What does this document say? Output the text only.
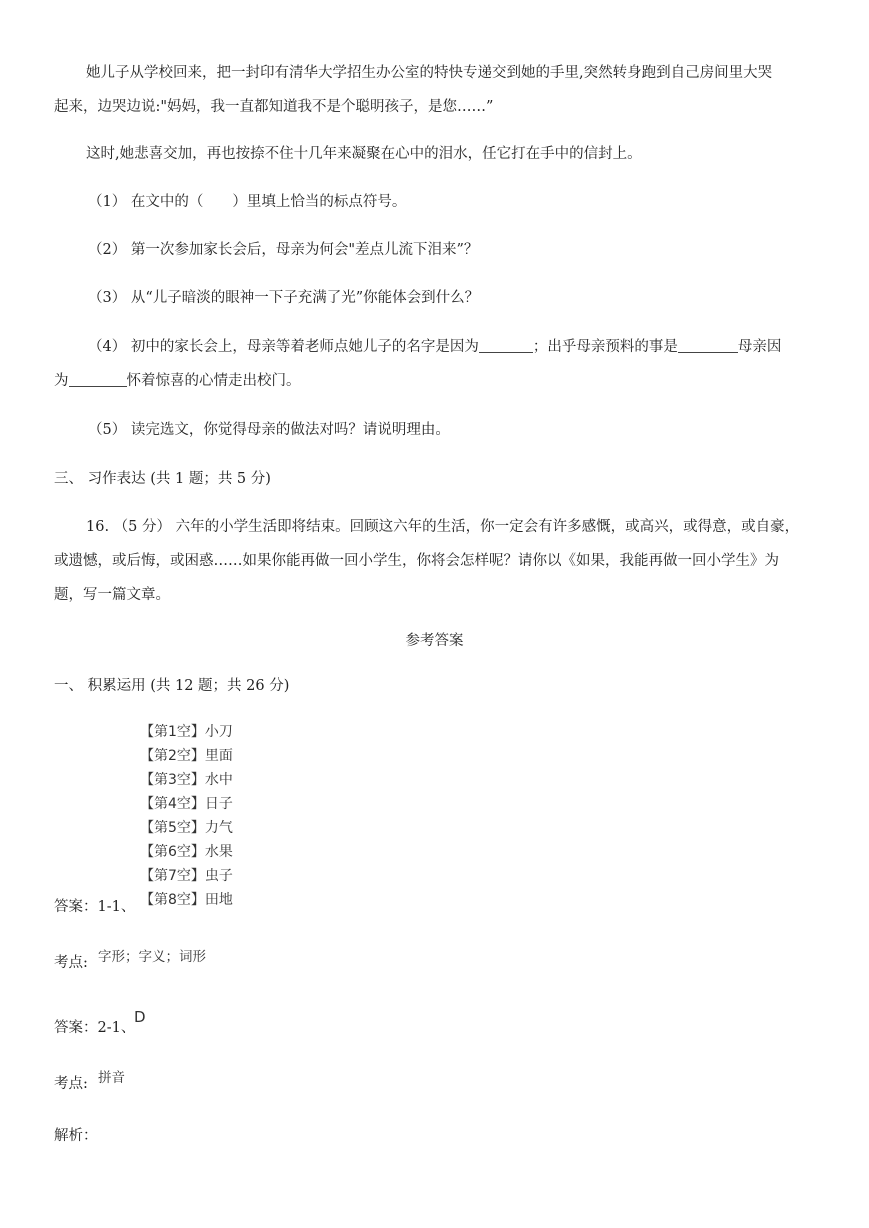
她儿子从学校回来，把一封印有清华大学招生办公室的特快专递交到她的手里,突然转身跑到自己房间里大哭
起来，边哭边说:"妈妈，我一直都知道我不是个聪明孩子，是您……”
这时,她悲喜交加，再也按捺不住十几年来凝聚在心中的泪水，任它打在手中的信封上。
（1） 在文中的（　　）里填上恰当的标点符号。
（2） 第一次参加家长会后，母亲为何会"差点儿流下泪来”？
（3） 从“儿子暗淡的眼神一下子充满了光”你能体会到什么？
（4） 初中的家长会上，母亲等着老师点她儿子的名字是因为	；出乎母亲预料的事是	母亲因
为	怀着惊喜的心情走出校门。
（5） 读完选文，你觉得母亲的做法对吗？请说明理由。
三、 习作表达 (共 1 题；共 5 分)
16. （5 分） 六年的小学生活即将结束。回顾这六年的生活，你一定会有许多感慨，或高兴，或得意，或自豪，
或遗憾，或后悔，或困惑……如果你能再做一回小学生，你将会怎样呢？请你以《如果，我能再做一回小学生》为
题，写一篇文章。
参考答案
一、 积累运用 (共 12 题；共 26 分)
【第1空】小刀
【第2空】里面
【第3空】水中
【第4空】日子
【第5空】力气
【第6空】水果
【第7空】虫子
【第8空】田地
答案：1-1、
考点: 字形；字义；词形
答案：2-1、
D
考点: 拼音
解析：
